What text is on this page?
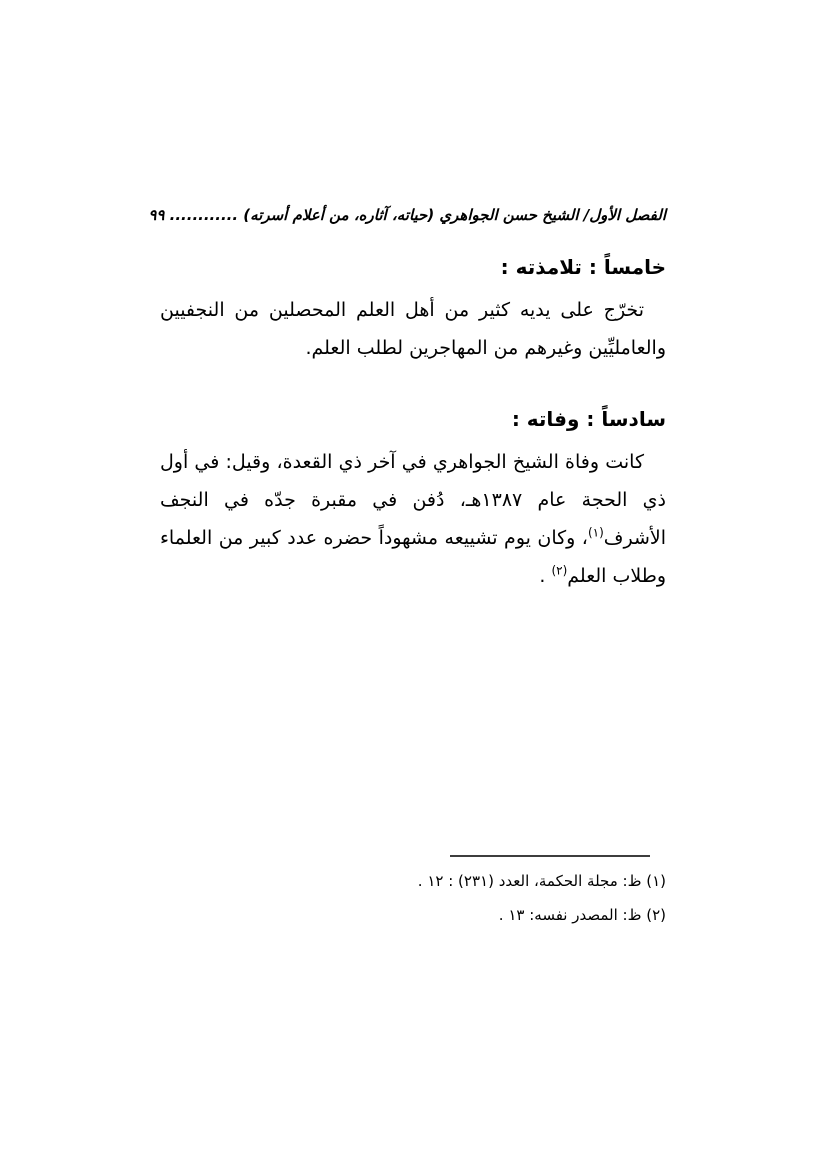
الفصل الأول/ الشيخ حسن الجواهري (حياته، آثاره، من أعلام أسرته) ............ ٩٩
خامساً : تلامذته :

تخرّج على يديه كثير من أهل العلم المحصلين من النجفيين والعامليِّين وغيرهم من المهاجرين لطلب العلم.

سادساً : وفاته :

كانت وفاة الشيخ الجواهري في آخر ذي القعدة، وقيل: في أول ذي الحجة عام ١٣٨٧هـ، دُفن في مقبرة جدّه في النجف الأشرف$^{(١)}$، وكان يوم تشييعه مشهوداً حضره عدد كبير من العلماء وطلاب العلم$^{(٢)}$ .

(١) ظ: مجلة الحكمة، العدد (٢٣١) : ١٢ .
(٢) ظ: المصدر نفسه: ١٣ .
